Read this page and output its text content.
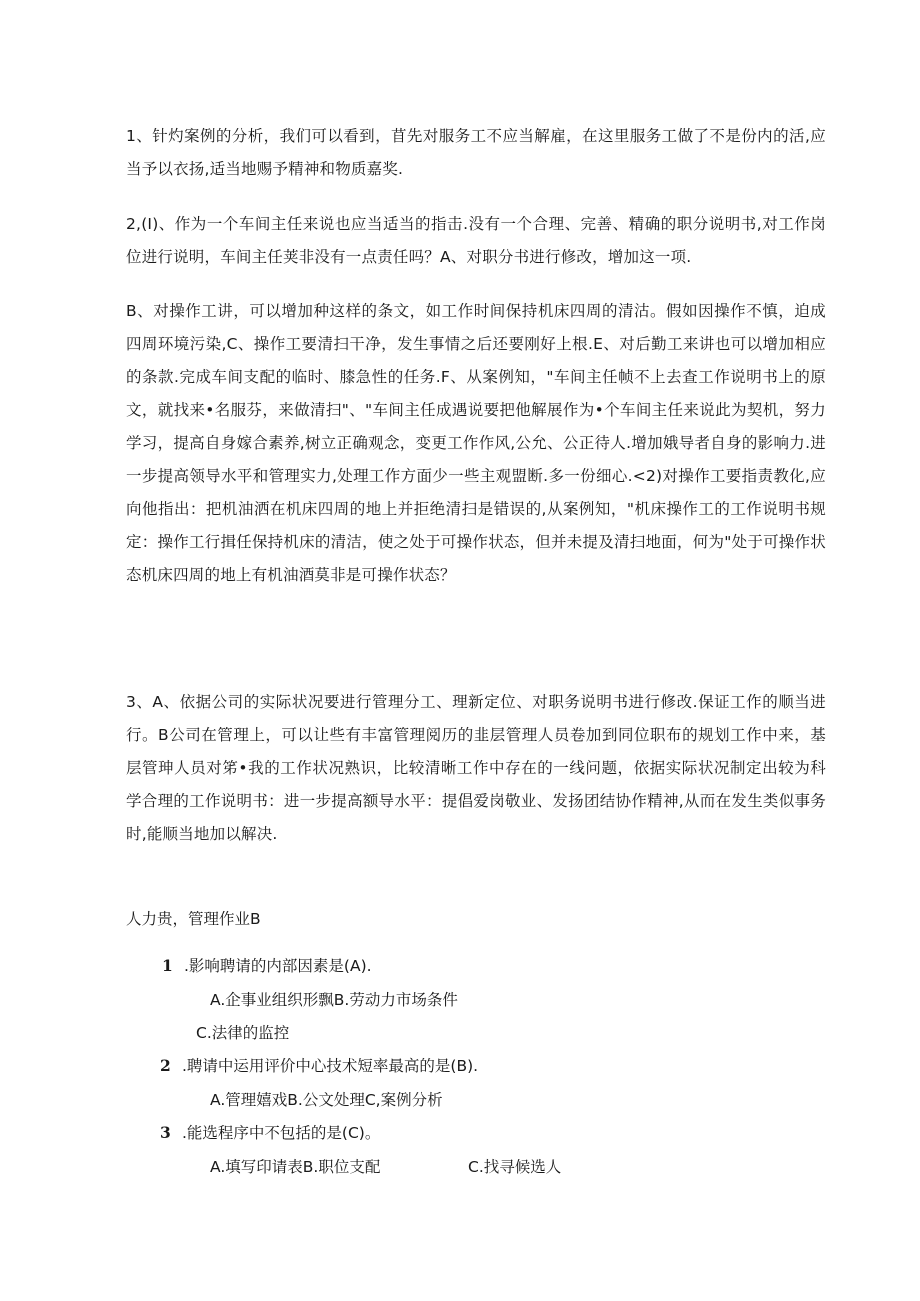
1、针灼案例的分析，我们可以看到，苜先对服务工不应当解雇，在这里服务工做了不是份内的活,应当予以衣扬,适当地赐予精神和物质嘉奖.

2,(I)、作为一个车间主任来说也应当适当的指击.没有一个合理、完善、精确的职分说明书,对工作岗位进行说明，车间主任荚非没有一点责任吗？A、对职分书进行修改，增加这一项.

B、对操作工讲，可以增加种这样的条文，如工作时间保持机床四周的清沽。假如因操作不慎，迫成四周环境污染,C、操作工要清扫干净，发生事情之后还要刚好上根.E、对后勤工来讲也可以增加相应的条款.完成车间支配的临时、膝急性的任务.F、从案例知，"车间主任帧不上去查工作说明书上的原文，就找来•名服芬，来做清扫"、"车间主任成遇说要把他解展作为•个车间主任来说此为契机，努力学习，提高自身嫁合素养,树立正确观念，变更工作作风,公允、公正待人.增加娥导者自身的影响力.进一步提高领导水平和管理实力,处理工作方面少一些主观盟断.多一份细心.<2)对操作工要指责教化,应向他指出：把机油洒在机床四周的地上并拒绝清扫是错误的,从案例知，"机床操作工的工作说明书规定：操作工行揖任保持机床的清洁，使之处于可操作状态，但并未提及清扫地面，何为"处于可操作状态机床四周的地上有机油酒莫非是可操作状态？

3、A、依据公司的实际状况要进行管理分工、理新定位、对职务说明书进行修改.保证工作的顺当进行。B公司在管理上，可以让些有丰富管理阅历的韭层管理人员卷加到同位职布的规划工作中来，基层管珅人员对笫•我的工作状况熟识，比较清晰工作中存在的一线问题，依据实际状况制定出较为科学合理的工作说明书：进一步提高额导水平：提倡爱岗敬业、发扬团结协作精神,从而在发生类似事务时,能顺当地加以解决.

人力贵，管理作业B

1 .影响聘请的内部因素是(A).

A.企事业组织形飘B.劳动力市场条件

C.法律的监控

2 .聘请中运用评价中心技术短率最高的是(B).

A.管理嬉戏B.公文处理C,案例分析

3 .能选程序中不包括的是(C)。

A.填写印请表B.职位支配	C.找寻候选人
